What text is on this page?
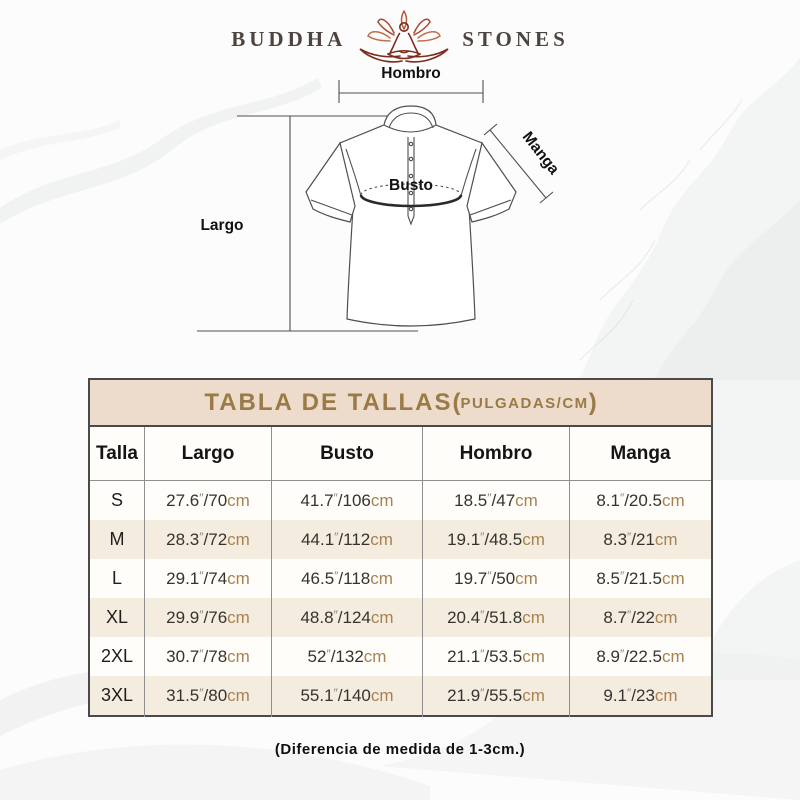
BUDDHA	STONES
Hombro
Manga
Busto
Largo
TABLA DE TALLAS ( PULGADAS/CM )
Talla	Largo	Busto	Hombro	Manga
S	27.6″/70cm	41.7″/106cm	18.5″/47cm	8.1″/20.5cm
M	28.3″/72cm	44.1″/112cm	19.1″/48.5cm	8.3″/21cm
L	29.1″/74cm	46.5″/118cm	19.7″/50cm	8.5″/21.5cm
XL	29.9″/76cm	48.8″/124cm	20.4″/51.8cm	8.7″/22cm
2XL	30.7″/78cm	52″/132cm	21.1″/53.5cm	8.9″/22.5cm
3XL	31.5″/80cm	55.1″/140cm	21.9″/55.5cm	9.1″/23cm

(Diferencia de medida de 1-3cm.)
